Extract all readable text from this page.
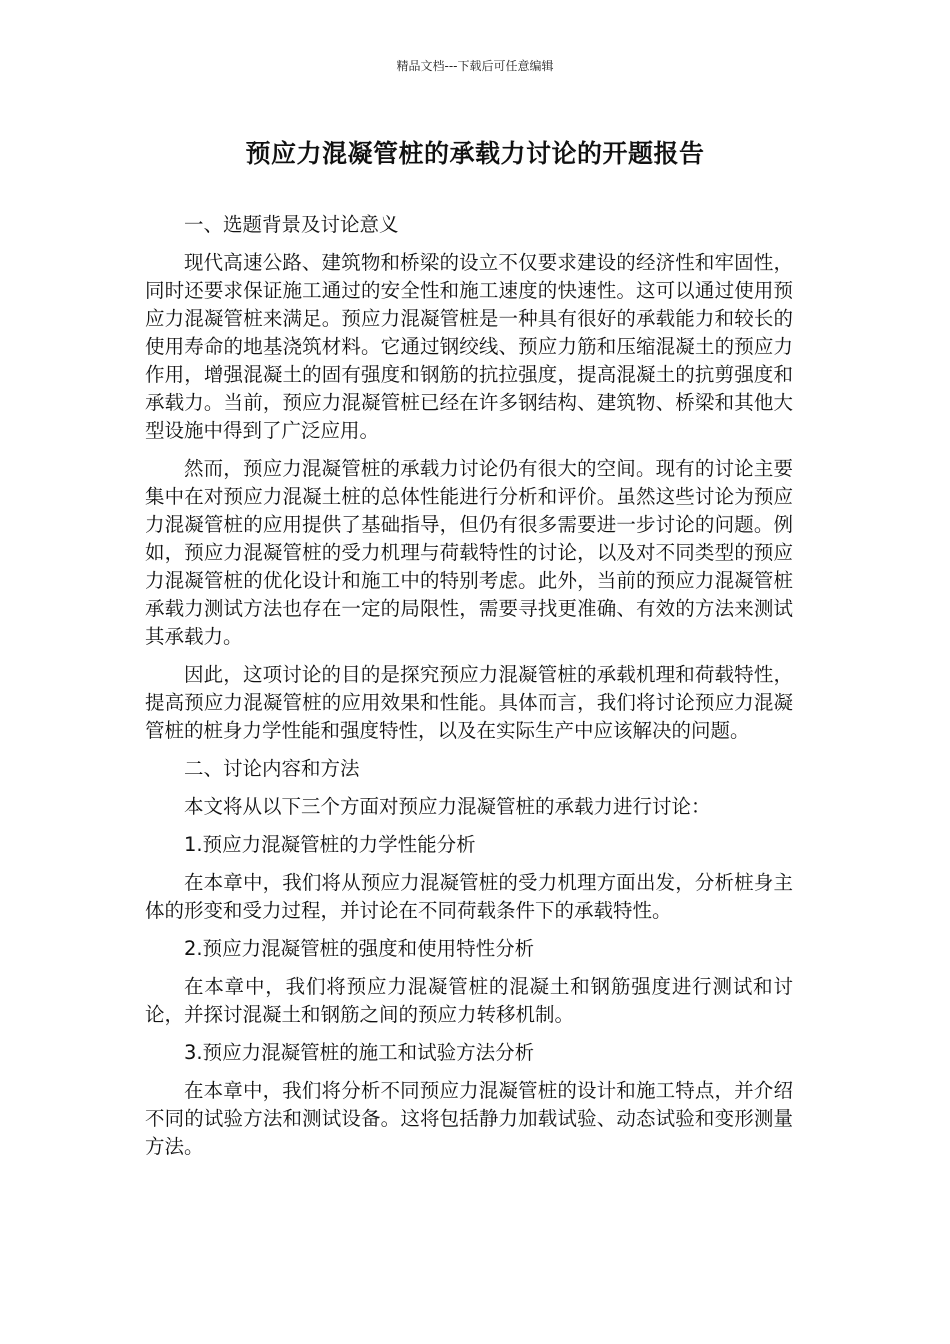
精品文档---下载后可任意编辑
预应力混凝管桩的承载力讨论的开题报告

一、选题背景及讨论意义

现代高速公路、建筑物和桥梁的设立不仅要求建设的经济性和牢固性，同时还要求保证施工通过的安全性和施工速度的快速性。这可以通过使用预应力混凝管桩来满足。预应力混凝管桩是一种具有很好的承载能力和较长的使用寿命的地基浇筑材料。它通过钢绞线、预应力筋和压缩混凝土的预应力作用，增强混凝土的固有强度和钢筋的抗拉强度，提高混凝土的抗剪强度和承载力。当前，预应力混凝管桩已经在许多钢结构、建筑物、桥梁和其他大型设施中得到了广泛应用。

然而，预应力混凝管桩的承载力讨论仍有很大的空间。现有的讨论主要集中在对预应力混凝土桩的总体性能进行分析和评价。虽然这些讨论为预应力混凝管桩的应用提供了基础指导，但仍有很多需要进一步讨论的问题。例如，预应力混凝管桩的受力机理与荷载特性的讨论，以及对不同类型的预应力混凝管桩的优化设计和施工中的特别考虑。此外，当前的预应力混凝管桩承载力测试方法也存在一定的局限性，需要寻找更准确、有效的方法来测试其承载力。

因此，这项讨论的目的是探究预应力混凝管桩的承载机理和荷载特性，提高预应力混凝管桩的应用效果和性能。具体而言，我们将讨论预应力混凝管桩的桩身力学性能和强度特性，以及在实际生产中应该解决的问题。

二、讨论内容和方法

本文将从以下三个方面对预应力混凝管桩的承载力进行讨论：

1.预应力混凝管桩的力学性能分析

在本章中，我们将从预应力混凝管桩的受力机理方面出发，分析桩身主体的形变和受力过程，并讨论在不同荷载条件下的承载特性。

2.预应力混凝管桩的强度和使用特性分析

在本章中，我们将预应力混凝管桩的混凝土和钢筋强度进行测试和讨论，并探讨混凝土和钢筋之间的预应力转移机制。

3.预应力混凝管桩的施工和试验方法分析

在本章中，我们将分析不同预应力混凝管桩的设计和施工特点，并介绍不同的试验方法和测试设备。这将包括静力加载试验、动态试验和变形测量方法。
